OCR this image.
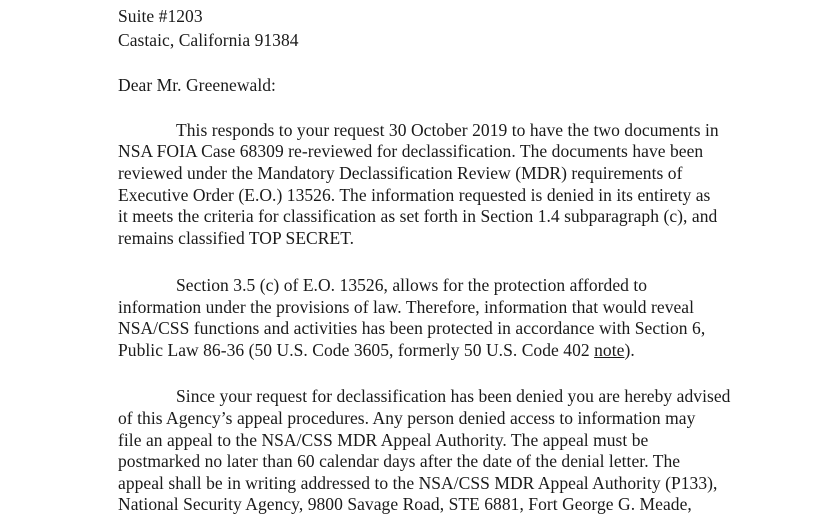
Suite #1203
Castaic, California 91384
Dear Mr. Greenewald:
This responds to your request 30 October 2019 to have the two documents in
NSA FOIA Case 68309 re-reviewed for declassification. The documents have been
reviewed under the Mandatory Declassification Review (MDR) requirements of
Executive Order (E.O.) 13526. The information requested is denied in its entirety as
it meets the criteria for classification as set forth in Section 1.4 subparagraph (c), and
remains classified TOP SECRET.
Section 3.5 (c) of E.O. 13526, allows for the protection afforded to
information under the provisions of law. Therefore, information that would reveal
NSA/CSS functions and activities has been protected in accordance with Section 6,
Public Law 86-36 (50 U.S. Code 3605, formerly 50 U.S. Code 402 note).
Since your request for declassification has been denied you are hereby advised
of this Agency’s appeal procedures. Any person denied access to information may
file an appeal to the NSA/CSS MDR Appeal Authority. The appeal must be
postmarked no later than 60 calendar days after the date of the denial letter. The
appeal shall be in writing addressed to the NSA/CSS MDR Appeal Authority (P133),
National Security Agency, 9800 Savage Road, STE 6881, Fort George G. Meade,
